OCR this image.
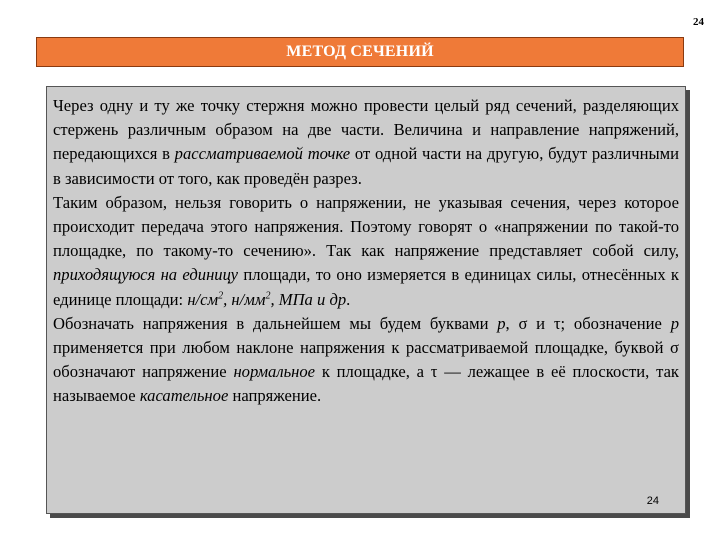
24
МЕТОД СЕЧЕНИЙ

Через одну и ту же точку стержня можно провести целый ряд сечений, разделяющих стержень различным образом на две части. Величина и направление напряжений, передающихся в рассматриваемой точке от одной части на другую, будут различными в зависимости от того, как проведён разрез.

Таким образом, нельзя говорить о напряжении, не указывая сечения, через которое происходит передача этого напряжения. Поэтому говорят о «напряжении по такой-то площадке, по такому-то сечению». Так как напряжение представляет собой силу, приходящуюся на единицу площади, то оно измеряется в единицах силы, отнесённых к единице площади: $н/см^2$, $н/мм^2$, МПа и др.

Обозначать напряжения в дальнейшем мы будем буквами p, σ и τ; обозначение p применяется при любом наклоне напряжения к рассматриваемой площадке, буквой σ обозначают напряжение нормальное к площадке, а τ — лежащее в её плоскости, так называемое касательное напряжение.

24
